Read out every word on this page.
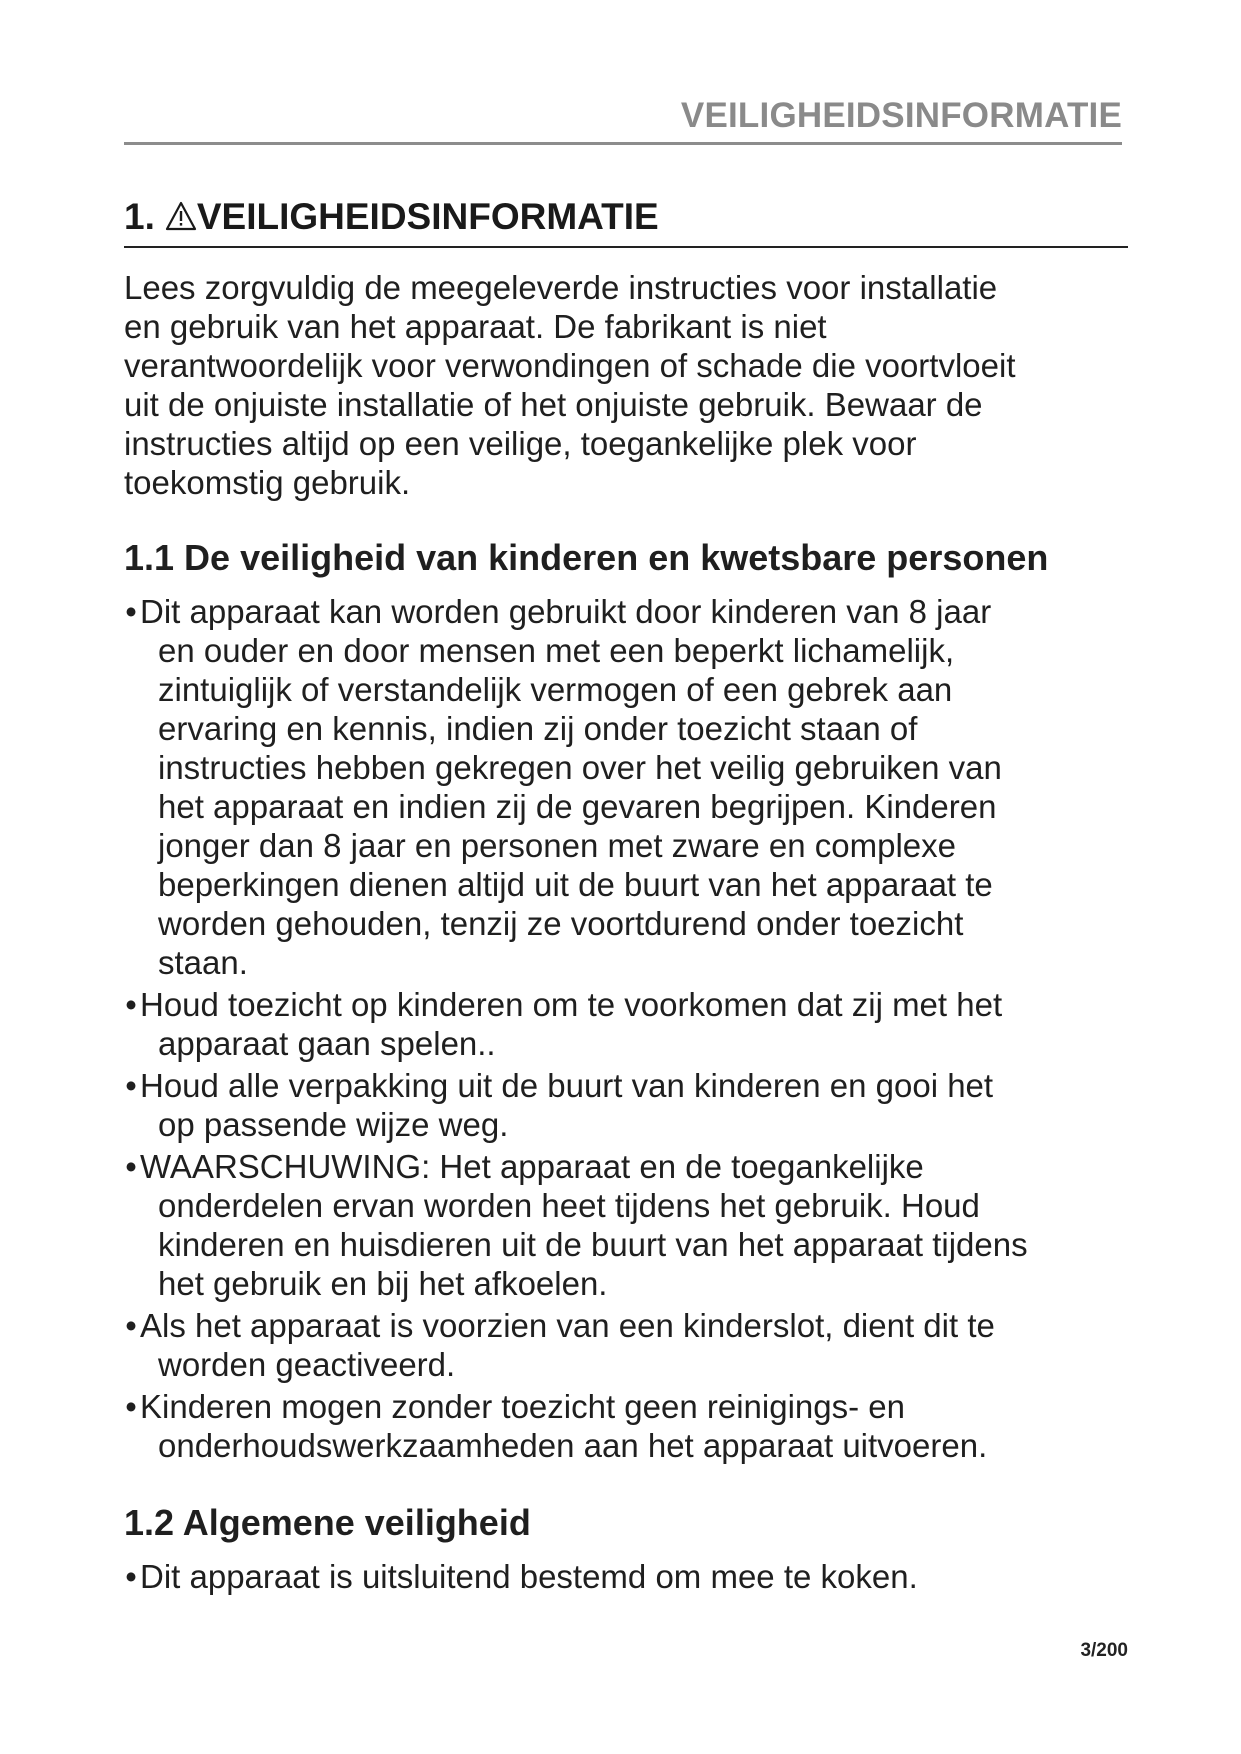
VEILIGHEIDSINFORMATIE
1. VEILIGHEIDSINFORMATIE

Lees zorgvuldig de meegeleverde instructies voor installatie
en gebruik van het apparaat. De fabrikant is niet
verantwoordelijk voor verwondingen of schade die voortvloeit
uit de onjuiste installatie of het onjuiste gebruik. Bewaar de
instructies altijd op een veilige, toegankelijke plek voor
toekomstig gebruik.

1.1 De veiligheid van kinderen en kwetsbare personen
• Dit apparaat kan worden gebruikt door kinderen van 8 jaar
en ouder en door mensen met een beperkt lichamelijk,
zintuiglijk of verstandelijk vermogen of een gebrek aan
ervaring en kennis, indien zij onder toezicht staan of
instructies hebben gekregen over het veilig gebruiken van
het apparaat en indien zij de gevaren begrijpen. Kinderen
jonger dan 8 jaar en personen met zware en complexe
beperkingen dienen altijd uit de buurt van het apparaat te
worden gehouden, tenzij ze voortdurend onder toezicht
staan.
• Houd toezicht op kinderen om te voorkomen dat zij met het
apparaat gaan spelen..
• Houd alle verpakking uit de buurt van kinderen en gooi het
op passende wijze weg.
• WAARSCHUWING: Het apparaat en de toegankelijke
onderdelen ervan worden heet tijdens het gebruik. Houd
kinderen en huisdieren uit de buurt van het apparaat tijdens
het gebruik en bij het afkoelen.
• Als het apparaat is voorzien van een kinderslot, dient dit te
worden geactiveerd.
• Kinderen mogen zonder toezicht geen reinigings- en
onderhoudswerkzaamheden aan het apparaat uitvoeren.
1.2 Algemene veiligheid
• Dit apparaat is uitsluitend bestemd om mee te koken.
3/200
